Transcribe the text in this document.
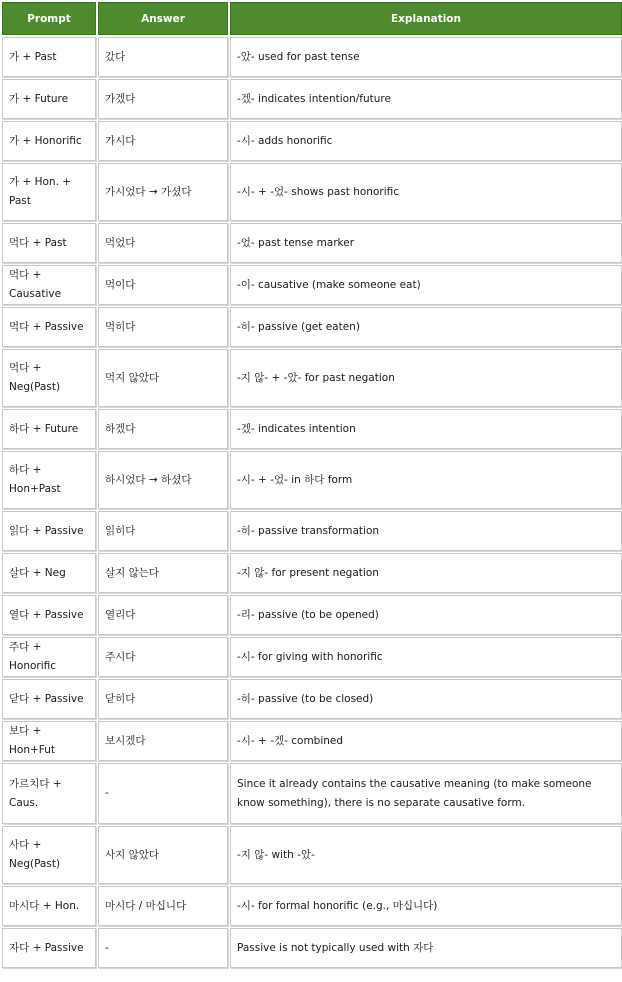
Prompt	Answer	Explanation
가 + Past	갔다	-았- used for past tense
가 + Future	가겠다	-겠- indicates intention/future
가 + Honorific	가시다	-시- adds honorific
가 + Hon. + Past	가시었다 → 가셨다	-시- + -었- shows past honorific
먹다 + Past	먹었다	-었- past tense marker
먹다 + Causative	먹이다	-이- causative (make someone eat)
먹다 + Passive	먹히다	-히- passive (get eaten)
먹다 + Neg(Past)	먹지 않았다	-지 않- + -았- for past negation
하다 + Future	하겠다	-겠- indicates intention
하다 + Hon+Past	하시었다 → 하셨다	-시- + -었- in 하다 form
읽다 + Passive	읽히다	-히- passive transformation
살다 + Neg	살지 않는다	-지 않- for present negation
열다 + Passive	열리다	-리- passive (to be opened)
주다 + Honorific	주시다	-시- for giving with honorific
닫다 + Passive	닫히다	-히- passive (to be closed)
보다 + Hon+Fut	보시겠다	-시- + -겠- combined
가르치다 + Caus.	-	Since it already contains the causative meaning (to make someone know something), there is no separate causative form.
사다 + Neg(Past)	사지 않았다	-지 않- with -았-
마시다 + Hon.	마시다 / 마십니다	-시- for formal honorific (e.g., 마십니다)
자다 + Passive	-	Passive is not typically used with 자다
